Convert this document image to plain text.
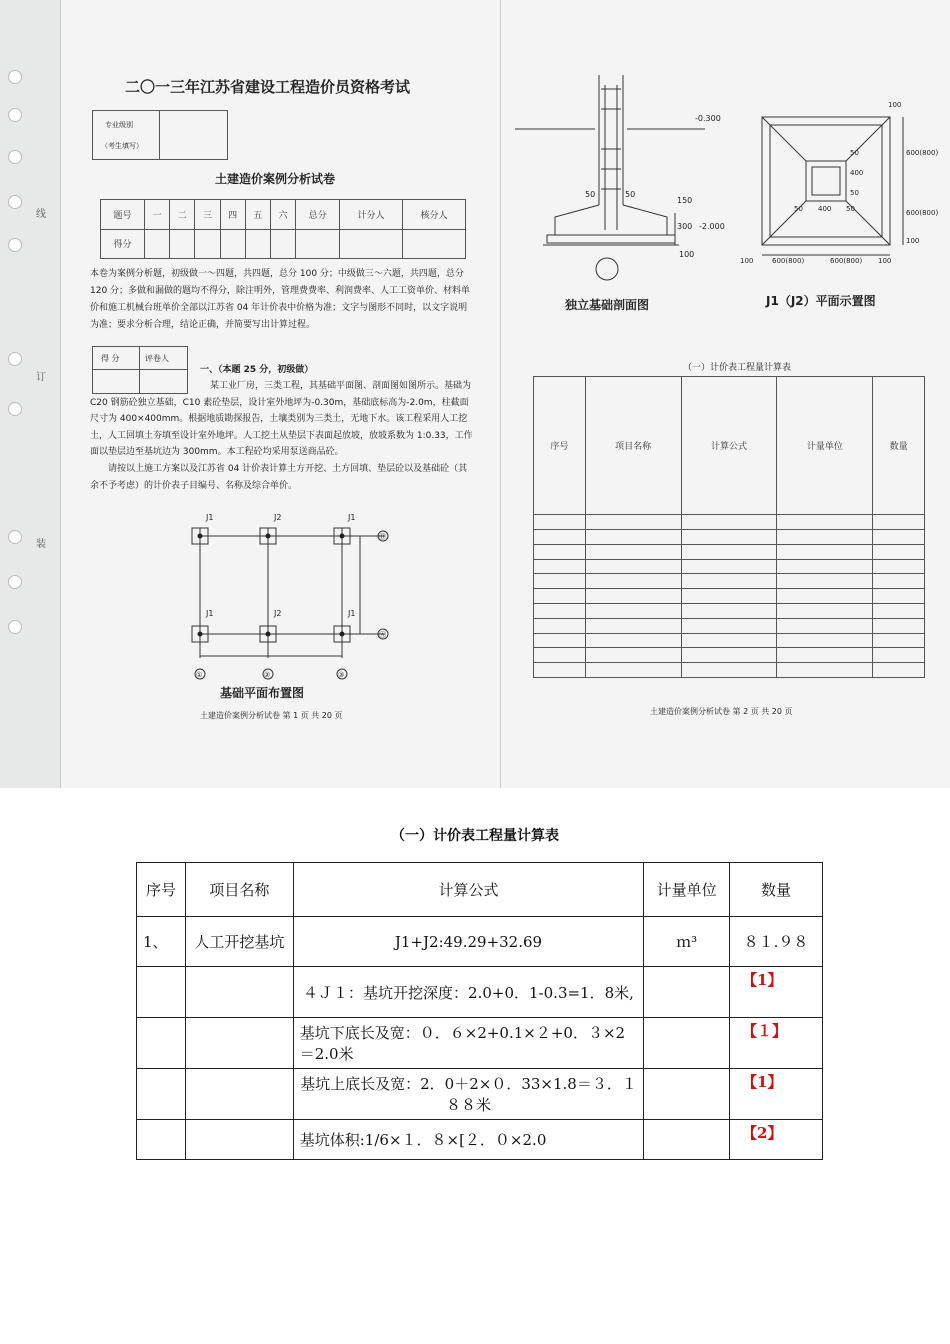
线
订
装
二〇一三年江苏省建设工程造价员资格考试
专业级别
（考生填写）
土建造价案例分析试卷
题号	一	二	三	四	五	六	总分	计分人	核分人
得分									
本卷为案例分析题，初级做一～四题，共四题，总分 100 分；中级做三～六题，共四题，总分 120 分；多做和漏做的题均不得分，除注明外，管理费费率、利润费率、人工工资单价、材料单价和施工机械台班单价全部以江苏省 04 年计价表中价格为准；文字与图形不同时，以文字说明为准；要求分析合理，结论正确，并简要写出计算过程。
得 分	评卷人
一、（本题 25 分，初级做）
某工业厂房，三类工程，其基础平面图、剖面图如图所示。基础为 C20 钢筋砼独立基础，C10 素砼垫层，设计室外地坪为-0.30m，基础底标高为-2.0m，柱截面尺寸为 400×400mm。根据地质勘探报告，土壤类别为三类土，无地下水。该工程采用人工挖土，人工回填土夯填至设计室外地坪。人工挖土从垫层下表面起放坡，放坡系数为 1:0.33，工作面以垫层边至基坑边为 300mm。本工程砼均采用泵送商品砼。
请按以上施工方案以及江苏省 04 计价表计算土方开挖、土方回填、垫层砼以及基础砼（其余不予考虑）的计价表子目编号、名称及综合单价。
J1	J2	J1
J1	J2	J1
①	②	③
Ⓑ
Ⓐ
基础平面布置图
土建造价案例分析试卷 第 1 页 共 20 页
-0.300
-2.000
50	50
150
300
100
独立基础剖面图
100
600(800)
600(800)
100
50 400 50
50
400
50
100	600(800)	600(800) 100
J1（J2）平面示置图
（一）计价表工程量计算表
序号	项目名称	计算公式	计量单位	数量

土建造价案例分析试卷 第 2 页 共 20 页
（一）计价表工程量计算表
序号	项目名称	计算公式	计量单位	数量
1、	人工开挖基坑	J1+J2:49.29+32.69	ｍ³	８１.９８
		４Ｊ１：基坑开挖深度：2.0+0．1-0.3=1．8米,		【1】
		基坑下底长及宽：０．６×2+0.1×２+0．３×2＝2.0米		【１】
		基坑上底长及宽：2．0＋2×０．33×1.8＝３．１８８米		【1】
		基坑体积:1/6×１．８×[２．０×2.0		【2】
